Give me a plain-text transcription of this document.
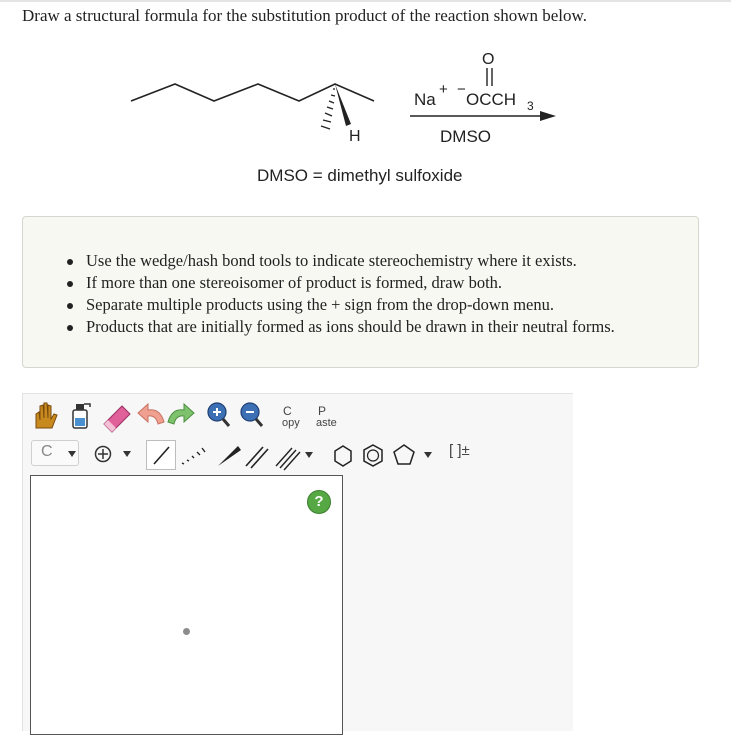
Draw a structural formula for the substitution product of the reaction shown below.
H
O
+ −
Na OCCH 3
DMSO
DMSO = dimethyl sulfoxide
Use the wedge/hash bond tools to indicate stereochemistry where it exists.
If more than one stereoisomer of product is formed, draw both.
Separate multiple products using the + sign from the drop-down menu.
Products that are initially formed as ions should be drawn in their neutral forms.
C
opy
P
aste
C	[ ]±
?
